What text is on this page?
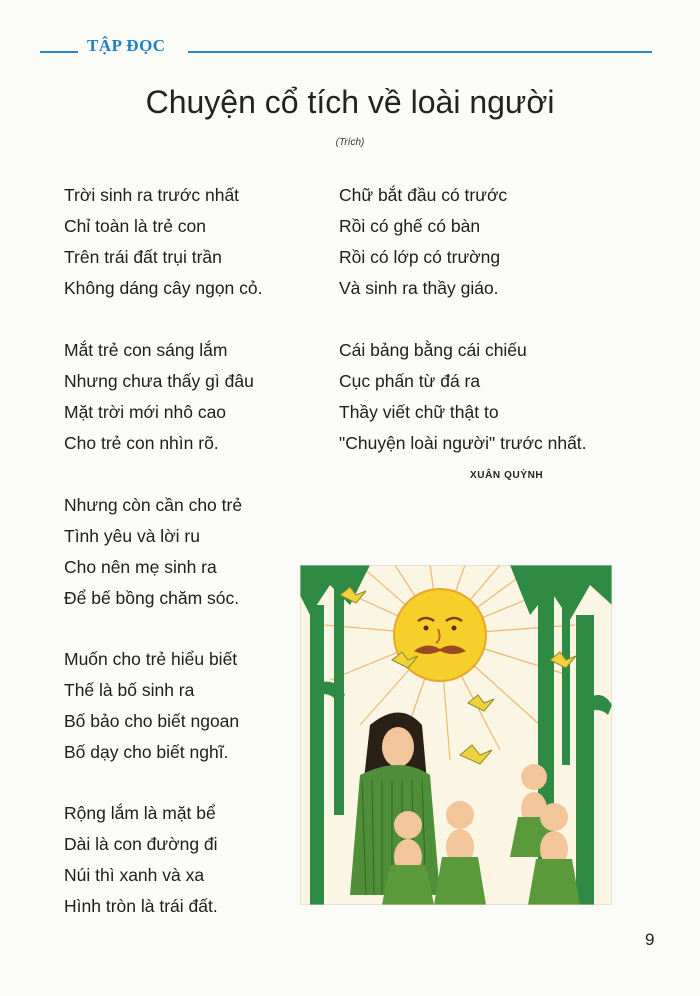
TẬP ĐỌC
Chuyện cổ tích về loài người
(Trích)
Trời sinh ra trước nhất
Chỉ toàn là trẻ con
Trên trái đất trụi trần
Không dáng cây ngọn cỏ.
Mắt trẻ con sáng lắm
Nhưng chưa thấy gì đâu
Mặt trời mới nhô cao
Cho trẻ con nhìn rõ.
Nhưng còn cần cho trẻ
Tình yêu và lời ru
Cho nên mẹ sinh ra
Để bế bồng chăm sóc.
Muốn cho trẻ hiểu biết
Thế là bố sinh ra
Bố bảo cho biết ngoan
Bố dạy cho biết nghĩ.
Rộng lắm là mặt bể
Dài là con đường đi
Núi thì xanh và xa
Hình tròn là trái đất.
Chữ bắt đầu có trước
Rồi có ghế có bàn
Rồi có lớp có trường
Và sinh ra thầy giáo.
Cái bảng bằng cái chiếu
Cục phấn từ đá ra
Thầy viết chữ thật to
"Chuyện loài người" trước nhất.
XUÂN QUỲNH
9
